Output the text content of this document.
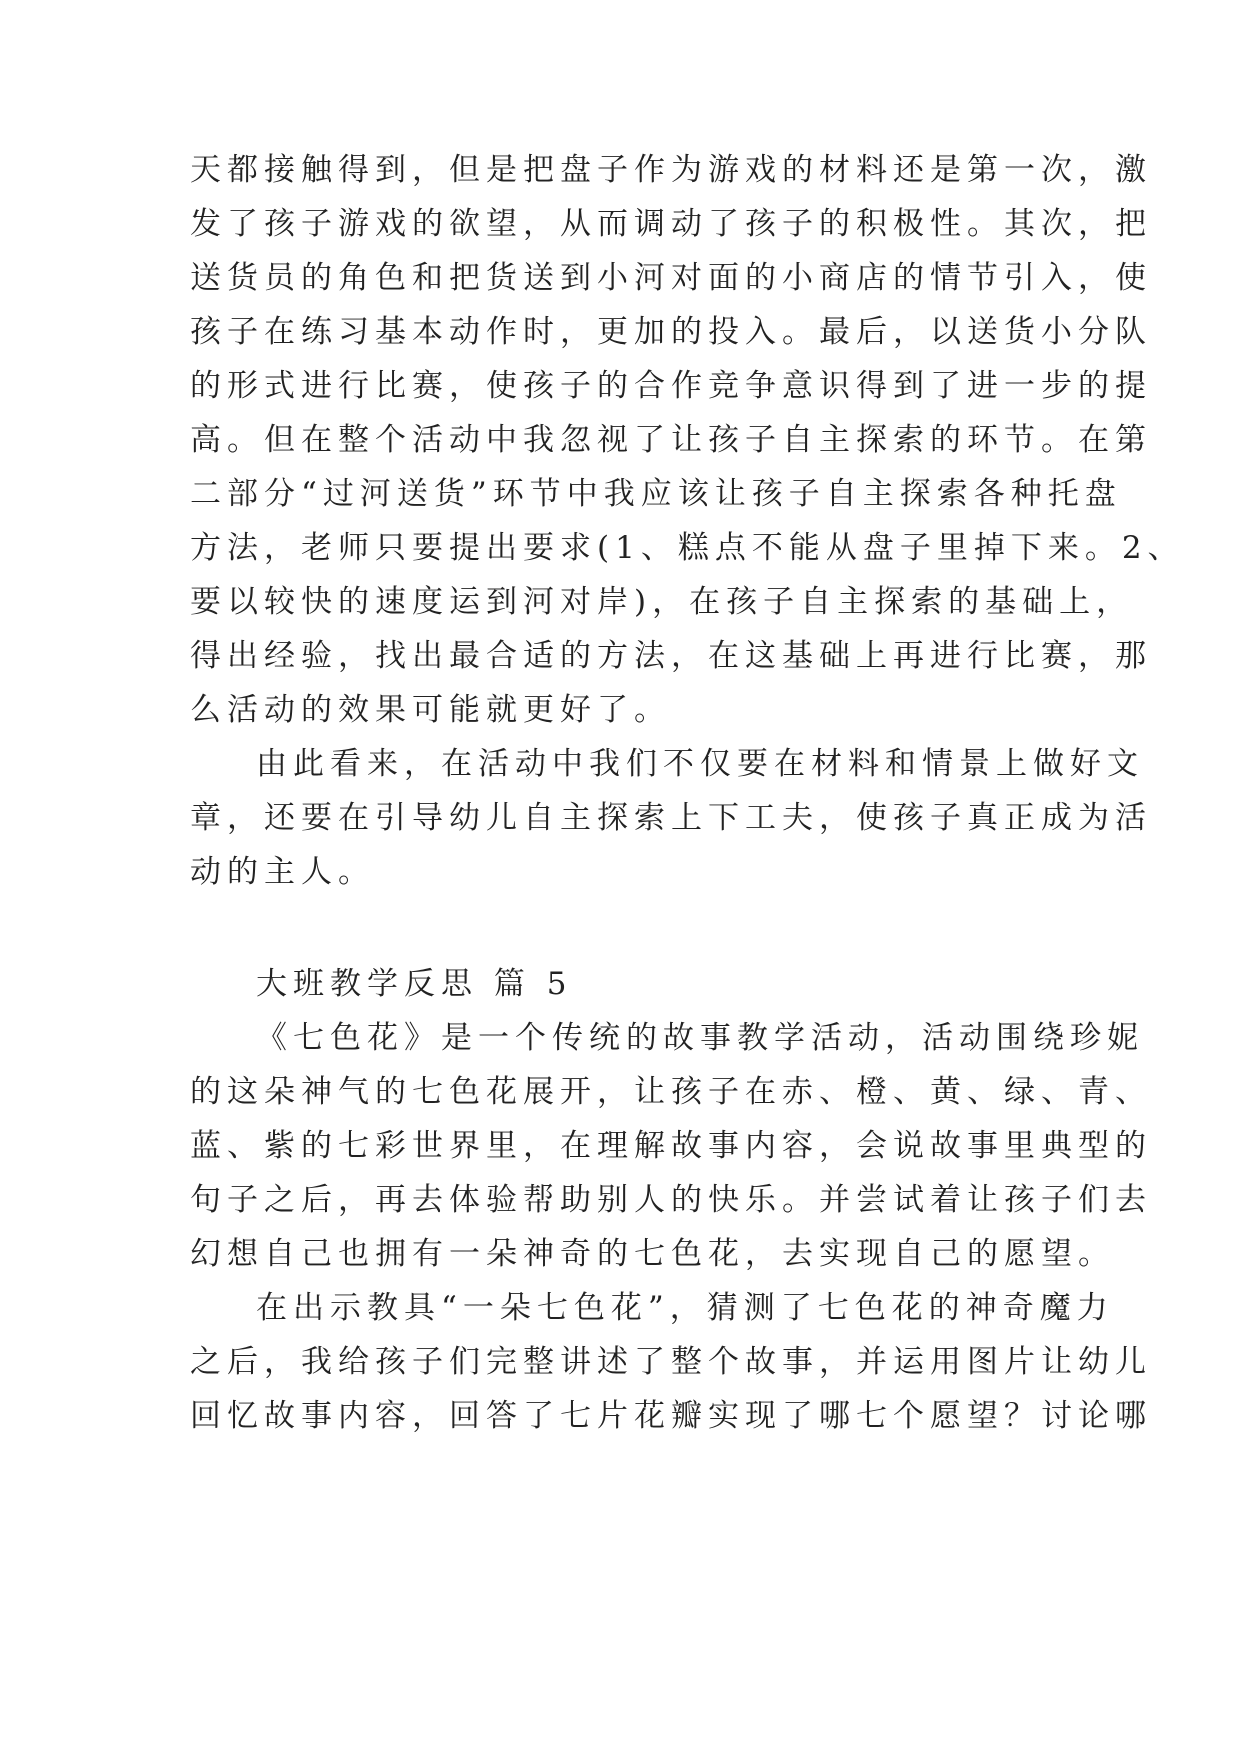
天都接触得到，但是把盘子作为游戏的材料还是第一次，激
发了孩子游戏的欲望，从而调动了孩子的积极性。其次，把
送货员的角色和把货送到小河对面的小商店的情节引入，使
孩子在练习基本动作时，更加的投入。最后，以送货小分队
的形式进行比赛，使孩子的合作竞争意识得到了进一步的提
高。但在整个活动中我忽视了让孩子自主探索的环节。在第
二部分“过河送货”环节中我应该让孩子自主探索各种托盘
方法，老师只要提出要求(1、糕点不能从盘子里掉下来。2、
要以较快的速度运到河对岸)，在孩子自主探索的基础上，
得出经验，找出最合适的方法，在这基础上再进行比赛，那
么活动的效果可能就更好了。
由此看来，在活动中我们不仅要在材料和情景上做好文
章，还要在引导幼儿自主探索上下工夫，使孩子真正成为活
动的主人。
大班教学反思 篇 5
《七色花》是一个传统的故事教学活动，活动围绕珍妮
的这朵神气的七色花展开，让孩子在赤、橙、黄、绿、青、
蓝、紫的七彩世界里，在理解故事内容，会说故事里典型的
句子之后，再去体验帮助别人的快乐。并尝试着让孩子们去
幻想自己也拥有一朵神奇的七色花，去实现自己的愿望。
在出示教具“一朵七色花”，猜测了七色花的神奇魔力
之后，我给孩子们完整讲述了整个故事，并运用图片让幼儿
回忆故事内容，回答了七片花瓣实现了哪七个愿望？讨论哪
